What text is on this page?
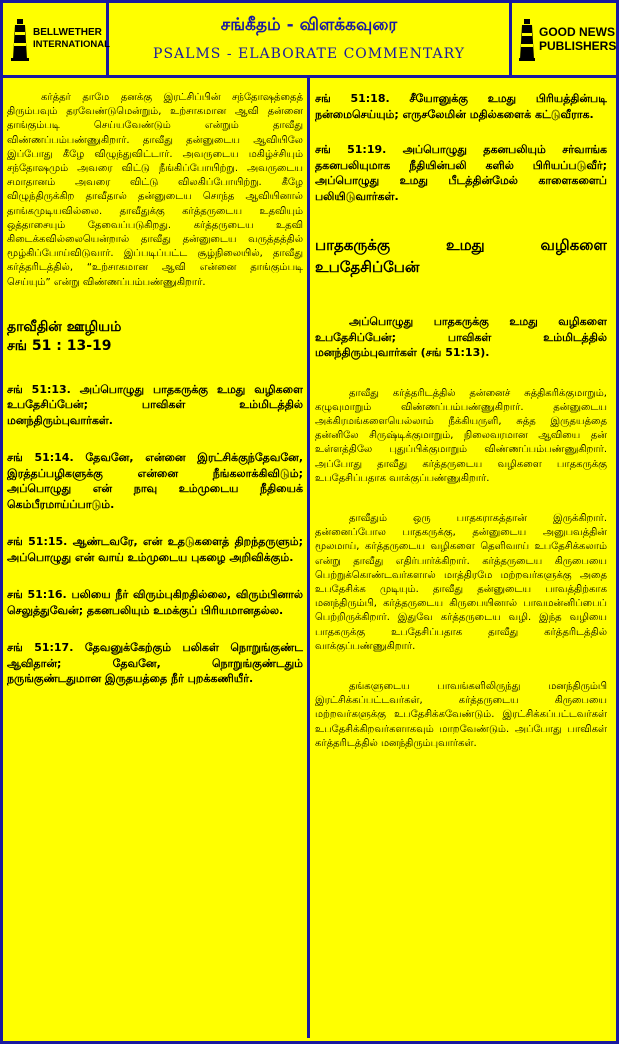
BELLWETHER
INTERNATIONAL
சங்கீதம் - விளக்கவுரை
PSALMS - ELABORATE COMMENTARY
GOOD NEWS
PUBLISHERS

கர்த்தர் தாமே தனக்கு இரட்சிப்பின் சந்தோஷத்தைத் திரும்பவும் தரவேண்டுமென்றும், உற்சாகமான ஆவி தன்னை தாங்கும்படி செய்யவேண்டும் என்றும் தாவீது விண்ணப்பம்பண்ணுகிறார். தாவீது தன்னுடைய ஆவியிலே இப்போது கீழே விழுந்துவிட்டார். அவருடைய மகிழ்ச்சியும் சந்தோஷமும் அவரை விட்டு நீங்கிப்போயிற்று. அவருடைய சமாதானம் அவரை விட்டு விலகிப்போயிற்று. கீழே விழுந்திருக்கிற தாவீதால் தன்னுடைய சொந்த ஆவியினால் தாங்கமுடியவில்லை. தாவீதுக்கு கர்த்தருடைய உதவியும் ஒத்தாசையும் தேவைப்படுகிறது. கர்த்தருடைய உதவி கிடைக்கவில்லையென்றால் தாவீது தன்னுடைய வருத்தத்தில் மூழ்கிப்போய்விடுவார். இப்படிப்பட்ட சூழ்நிலையில், தாவீது கர்த்தரிடத்தில், “உற்சாகமான ஆவி என்னை தாங்கும்படி செய்யும்” என்று விண்ணப்பம்பண்ணுகிறார்.

தாவீதின் ஊழியம்

சங் 51 : 13-19

சங் 51:13. அப்பொழுது பாதகருக்கு உமது வழிகளை உபதேசிப்பேன்; பாவிகள் உம்மிடத்தில் மனந்திரும்புவார்கள்.

சங் 51:14. தேவனே, என்னை இரட்சிக்குந்தேவனே, இரத்தப்பழிகளுக்கு என்னை நீங்கலாக்கிவிடும்; அப்பொழுது என் நாவு உம்முடைய நீதியைக் கெம்பீரமாய்ப்பாடும்.

சங் 51:15. ஆண்டவரே, என் உதடுகளைத் திறந்தருளும்; அப்பொழுது என் வாய் உம்முடைய புகழை அறிவிக்கும்.

சங் 51:16. பலியை நீர் விரும்புகிறதில்லை, விரும்பினால் செலுத்துவேன்; தகனபலியும் உமக்குப் பிரியமானதல்ல.

சங் 51:17. தேவனுக்கேற்கும் பலிகள் நொறுங்குண்ட ஆவிதான்; தேவனே, நொறுங்குண்டதும் நருங்குண்டதுமான இருதயத்தை நீர் புறக்கணியீர்.

சங் 51:18. சீயோனுக்கு உமது பிரியத்தின்படி நன்மைசெய்யும்; எருசலேமின் மதில்களைக் கட்டுவீராக.

சங் 51:19. அப்பொழுது தகனபலியும் சர்வாங்க தகனபலியுமாக நீதியின்பலி களில் பிரியப்படுவீர்; அப்பொழுது உமது பீடத்தின்மேல் காளைகளைப் பலியிடுவார்கள்.

பாதகருக்கு உமது வழிகளை உபதேசிப்பேன்

அப்பொழுது பாதகருக்கு உமது வழிகளை உபதேசிப்பேன்; பாவிகள் உம்மிடத்தில் மனந்திரும்புவார்கள் (சங் 51:13).

தாவீது கர்த்தரிடத்தில் தன்னைச் சுத்திகரிக்குமாறும், கழுவுமாறும் விண்ணப்பம்பண்ணுகிறார். தன்னுடைய அக்கிரமங்களையெல்லாம் நீக்கியருளி, சுத்த இருதயத்தை தன்னிலே சிருஷ்டிக்குமாறும், நிலைவரமான ஆவியை தன் உள்ளத்திலே புதுப்பிக்குமாறும் விண்ணப்பம்பண்ணுகிறார். அப்போது தாவீது கர்த்தருடைய வழிகளை பாதகருக்கு உபதேசிப்பதாக வாக்குப்பண்ணுகிறார்.

தாவீதும் ஒரு பாதகராகத்தான் இருக்கிறார். தன்னைப்போல பாதகருக்கு, தன்னுடைய அனுபவத்தின் மூலமாய், கர்த்தருடைய வழிகளை தெளிவாய் உபதேசிக்கலாம் என்று தாவீது எதிர்பார்க்கிறார். கர்த்தருடைய கிருபையை பெற்றுக்கொண்டவர்களால் மாத்திரமே மற்றவர்களுக்கு அதை உபதேசிக்க முடியும். தாவீது தன்னுடைய பாவத்திற்காக மனந்திரும்பி, கர்த்தருடைய கிருபையினால் பாவமன்னிப்பைப் பெற்றிருக்கிறார். இதுவே கர்த்தருடைய வழி. இந்த வழியை பாதகருக்கு உபதேசிப்பதாக தாவீது கர்த்தரிடத்தில் வாக்குப்பண்ணுகிறார்.

தங்களுடைய பாவங்களிலிருந்து மனந்திரும்பி இரட்சிக்கப்பட்டவர்கள், கர்த்தருடைய கிருபையை மற்றவர்களுக்கு உபதேசிக்கவேண்டும். இரட்சிக்கப்பட்டவர்கள் உபதேசிக்கிறவர்களாகவும் மாறவேண்டும். அப்போது பாவிகள் கர்த்தரிடத்தில் மனந்திரும்புவார்கள்.
